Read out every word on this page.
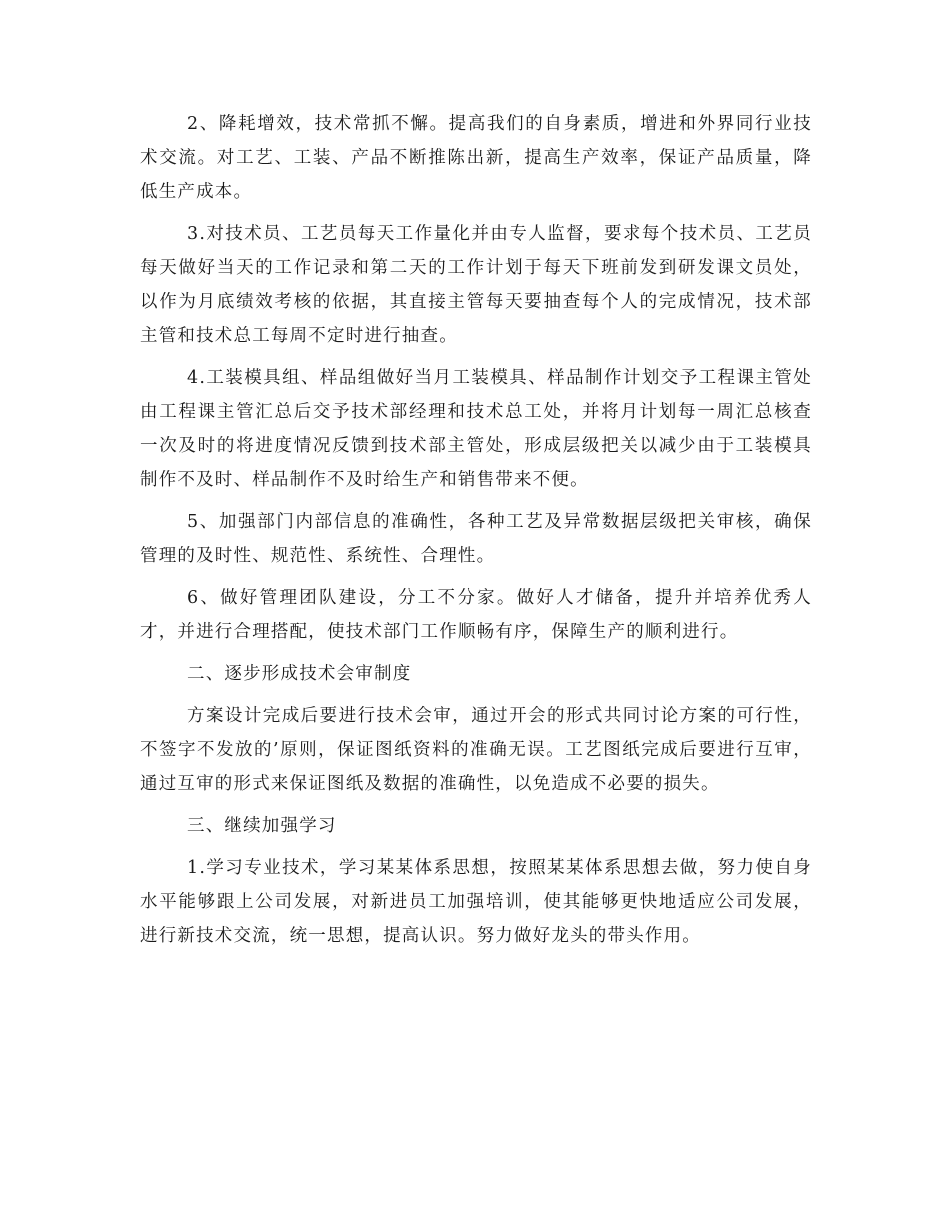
2、降耗增效，技术常抓不懈。提高我们的自身素质，增进和外界同行业技术交流。对工艺、工装、产品不断推陈出新，提高生产效率，保证产品质量，降低生产成本。

3.对技术员、工艺员每天工作量化并由专人监督，要求每个技术员、工艺员每天做好当天的工作记录和第二天的工作计划于每天下班前发到研发课文员处，以作为月底绩效考核的依据，其直接主管每天要抽查每个人的完成情况，技术部主管和技术总工每周不定时进行抽查。

4.工装模具组、样品组做好当月工装模具、样品制作计划交予工程课主管处由工程课主管汇总后交予技术部经理和技术总工处，并将月计划每一周汇总核查一次及时的将进度情况反馈到技术部主管处，形成层级把关以减少由于工装模具制作不及时、样品制作不及时给生产和销售带来不便。

5、加强部门内部信息的准确性，各种工艺及异常数据层级把关审核，确保管理的及时性、规范性、系统性、合理性。

6、做好管理团队建设，分工不分家。做好人才储备，提升并培养优秀人才，并进行合理搭配，使技术部门工作顺畅有序，保障生产的顺利进行。

二、逐步形成技术会审制度

方案设计完成后要进行技术会审，通过开会的形式共同讨论方案的可行性，不签字不发放的’原则，保证图纸资料的准确无误。工艺图纸完成后要进行互审，通过互审的形式来保证图纸及数据的准确性，以免造成不必要的损失。

三、继续加强学习

1.学习专业技术，学习某某体系思想，按照某某体系思想去做，努力使自身水平能够跟上公司发展，对新进员工加强培训，使其能够更快地适应公司发展，进行新技术交流，统一思想，提高认识。努力做好龙头的带头作用。
